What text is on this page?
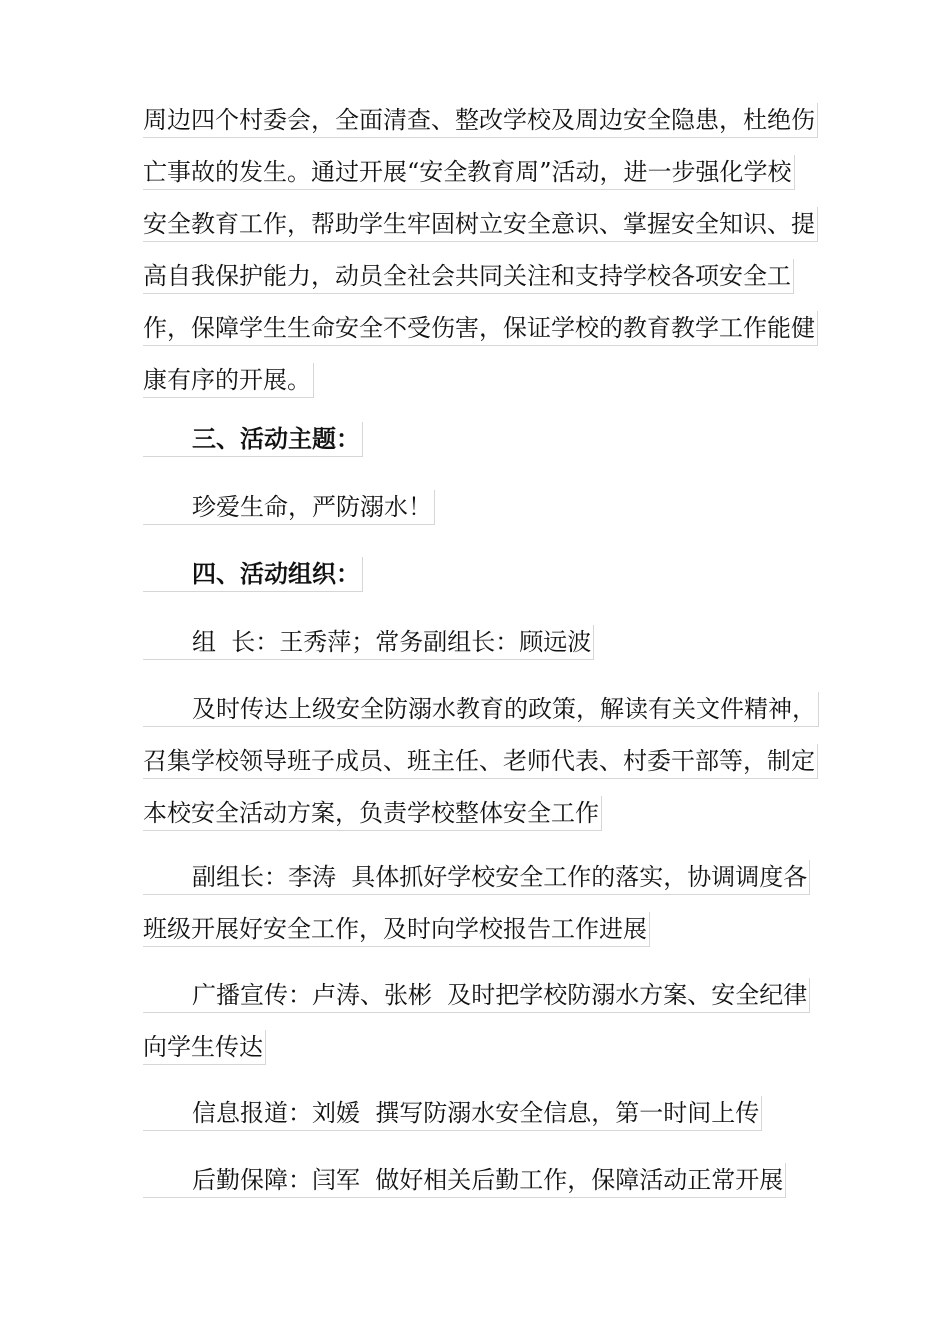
周边四个村委会，全面清查、整改学校及周边安全隐患，杜绝伤
亡事故的发生。通过开展“安全教育周”活动，进一步强化学校
安全教育工作，帮助学生牢固树立安全意识、掌握安全知识、提
高自我保护能力，动员全社会共同关注和支持学校各项安全工
作，保障学生生命安全不受伤害，保证学校的教育教学工作能健
康有序的开展。
三、活动主题：
珍爱生命，严防溺水！
四、活动组织：
组  长：王秀萍；常务副组长：顾远波
及时传达上级安全防溺水教育的政策，解读有关文件精神，
召集学校领导班子成员、班主任、老师代表、村委干部等，制定
本校安全活动方案，负责学校整体安全工作
副组长：李涛  具体抓好学校安全工作的落实，协调调度各
班级开展好安全工作，及时向学校报告工作进展
广播宣传：卢涛、张彬  及时把学校防溺水方案、安全纪律
向学生传达
信息报道：刘媛  撰写防溺水安全信息，第一时间上传
后勤保障：闫军  做好相关后勤工作，保障活动正常开展
